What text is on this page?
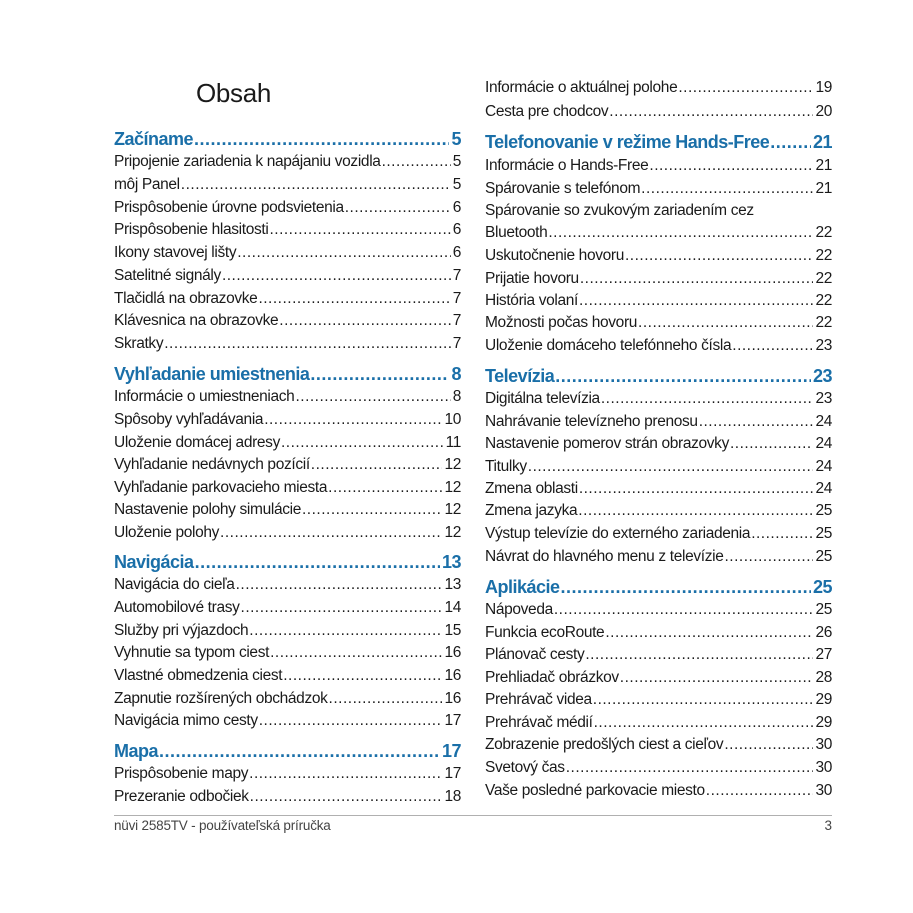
Obsah
Začíname .....	5
Pripojenie zariadenia k napájaniu vozidla .....	5
môj Panel .....	5
Prispôsobenie úrovne podsvietenia .....	6
Prispôsobenie hlasitosti .....	6
Ikony stavovej lišty .....	6
Satelitné signály .....	7
Tlačidlá na obrazovke .....	7
Klávesnica na obrazovke .....	7
Skratky .....	7
Vyhľadanie umiestnenia .....	8
Informácie o umiestneniach .....	8
Spôsoby vyhľadávania .....	10
Uloženie domácej adresy .....	11
Vyhľadanie nedávnych pozícií .....	12
Vyhľadanie parkovacieho miesta .....	12
Nastavenie polohy simulácie .....	12
Uloženie polohy .....	12
Navigácia .....	13
Navigácia do cieľa .....	13
Automobilové trasy .....	14
Služby pri výjazdoch .....	15
Vyhnutie sa typom ciest .....	16
Vlastné obmedzenia ciest .....	16
Zapnutie rozšírených obchádzok .....	16
Navigácia mimo cesty .....	17
Mapa .....	17
Prispôsobenie mapy .....	17
Prezeranie odbočiek .....	18
Informácie o aktuálnej polohe .....	19
Cesta pre chodcov .....	20
Telefonovanie v režime Hands-Free ..... 21
Informácie o Hands-Free .....	21
Spárovanie s telefónom .....	21
Spárovanie so zvukovým zariadením cez
Bluetooth .....	22
Uskutočnenie hovoru .....	22
Prijatie hovoru .....	22
História volaní .....	22
Možnosti počas hovoru .....	22
Uloženie domáceho telefónneho čísla .....	23
Televízia .....	23
Digitálna televízia .....	23
Nahrávanie televízneho prenosu .....	24
Nastavenie pomerov strán obrazovky .....	24
Titulky .....	24
Zmena oblasti .....	24
Zmena jazyka .....	25
Výstup televízie do externého zariadenia .....	25
Návrat do hlavného menu z televízie .....	25
Aplikácie .....	25
Nápoveda .....	25
Funkcia ecoRoute .....	26
Plánovač cesty .....	27
Prehliadač obrázkov .....	28
Prehrávač videa .....	29
Prehrávač médií .....	29
Zobrazenie predošlých ciest a cieľov .....	30
Svetový čas .....	30
Vaše posledné parkovacie miesto .....	30
nüvi 2585TV - používateľská príručka	3
